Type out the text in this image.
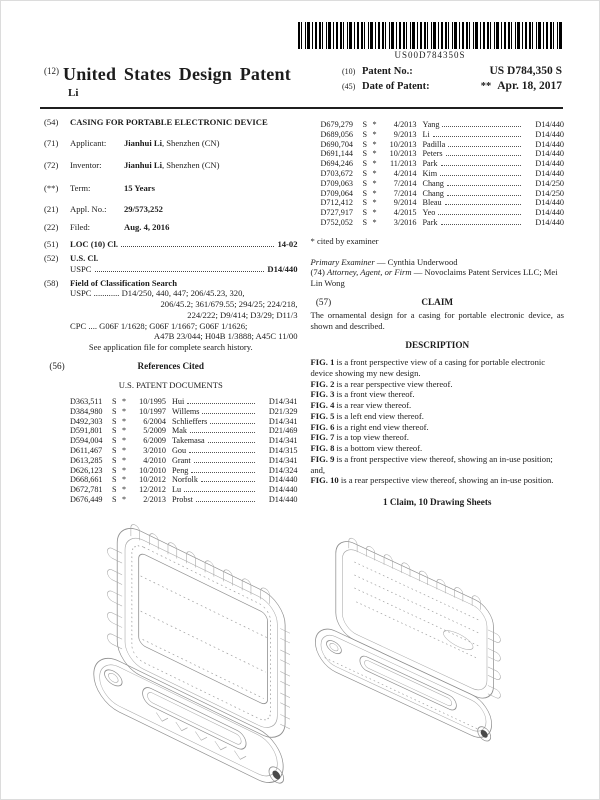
US00D784350S
$^{(12)}$ United States Design Patent
Li
(10) Patent No.:	US D784,350 S
(45) Date of Patent:	** Apr. 18, 2017
(54)	CASING FOR PORTABLE ELECTRONIC DEVICE
(71)	Applicant:	Jianhui Li, Shenzhen (CN)
(72)	Inventor:	Jianhui Li, Shenzhen (CN)
(**)	Term:	15 Years
(21)	Appl. No.:	29/573,252
(22)	Filed:	Aug. 4, 2016
(51)	LOC (10) Cl.	14-02
(52)	U.S. Cl.
USPC	D14/440
(58)	Field of Classification Search
USPC ............ D14/250, 440, 447; 206/45.23, 320,
206/45.2; 361/679.55; 294/25; 224/218,
224/222; D9/414; D3/29; D11/3
CPC .... G06F 1/1628; G06F 1/1667; G06F 1/1626;
A47B 23/044; H04B 1/3888; A45C 11/00
See application file for complete search history.
(56)	References Cited
U.S. PATENT DOCUMENTS
D363,511	S *	10/1995 Hui	D14/341
D384,980	S *	10/1997 Willems	D21/329
D492,303	S *	6/2004 Schlieffers	D14/341
D591,801	S *	5/2009 Mak	D21/469
D594,004	S *	6/2009 Takemasa	D14/341
D611,467	S *	3/2010 Gou	D14/315
D613,285	S *	4/2010 Grant	D14/341
D626,123	S *	10/2010 Peng	D14/324
D668,661	S *	10/2012 Norfolk	D14/440
D672,781	S *	12/2012 Lu	D14/440
D676,449	S *	2/2013 Probst	D14/440
D679,279	S *	4/2013 Yang	D14/440
D689,056	S *	9/2013 Li	D14/440
D690,704	S *	10/2013 Padilla	D14/440
D691,144	S *	10/2013 Peters	D14/440
D694,246	S *	11/2013 Park	D14/440
D703,672	S *	4/2014 Kim	D14/440
D709,063	S *	7/2014 Chang	D14/250
D709,064	S *	7/2014 Chang	D14/250
D712,412	S *	9/2014 Bleau	D14/440
D727,917	S *	4/2015 Yeo	D14/440
D752,052	S *	3/2016 Park	D14/440
* cited by examiner
Primary Examiner — Cynthia Underwood
(74) Attorney, Agent, or Firm — Novoclaims Patent Services LLC; Mei Lin Wong
(57)	CLAIM
The ornamental design for a casing for portable electronic device, as shown and described.
DESCRIPTION
FIG. 1 is a front perspective view of a casing for portable electronic device showing my new design.
FIG. 2 is a rear perspective view thereof.
FIG. 3 is a front view thereof.
FIG. 4 is a rear view thereof.
FIG. 5 is a left end view thereof.
FIG. 6 is a right end view thereof.
FIG. 7 is a top view thereof.
FIG. 8 is a bottom view thereof.
FIG. 9 is a front perspective view thereof, showing an in-use position; and,
FIG. 10 is a rear perspective view thereof, showing an in-use position.
1 Claim, 10 Drawing Sheets
